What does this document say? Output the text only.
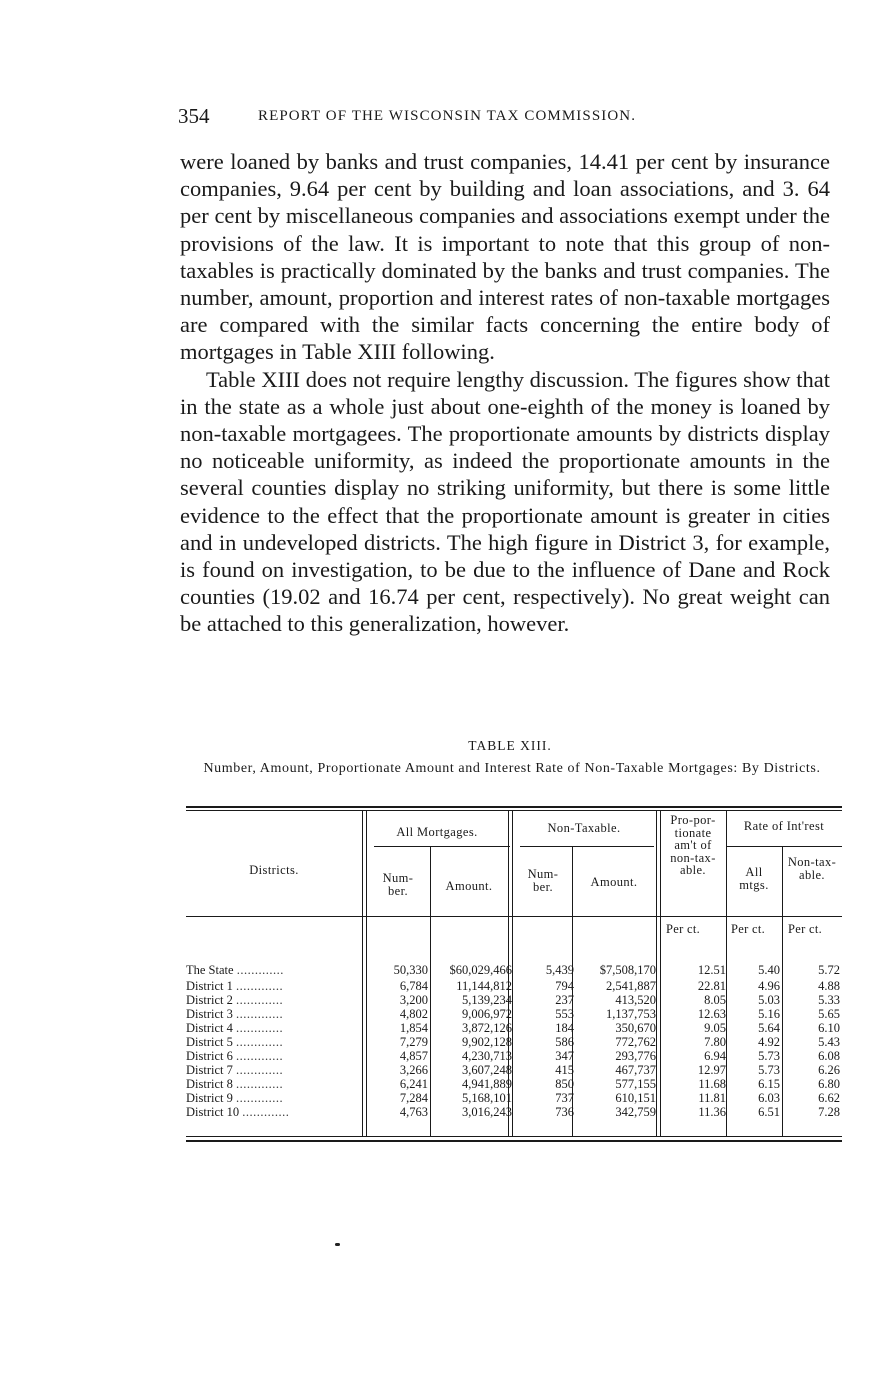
354	REPORT OF THE WISCONSIN TAX COMMISSION.

were loaned by banks and trust companies, 14.41 per cent by insurance companies, 9.64 per cent by building and loan associations, and 3. 64 per cent by miscellaneous companies and associations exempt under the provisions of the law. It is important to note that this group of non-taxables is practically dominated by the banks and trust companies. The number, amount, proportion and interest rates of non-taxable mortgages are compared with the similar facts concerning the entire body of mortgages in Table XIII following.

Table XIII does not require lengthy discussion. The figures show that in the state as a whole just about one-eighth of the money is loaned by non-taxable mortgagees. The proportionate amounts by districts display no noticeable uniformity, as indeed the proportionate amounts in the several counties display no striking uniformity, but there is some little evidence to the effect that the proportionate amount is greater in cities and in undeveloped districts. The high figure in District 3, for example, is found on investigation, to be due to the influence of Dane and Rock counties (19.02 and 16.74 per cent, respectively). No great weight can be attached to this generalization, however.

TABLE XIII.
Number, Amount, Proportionate Amount and Interest Rate of Non-Taxable Mortgages: By Districts.
Districts.
All Mortgages.	Non-Taxable.
Pro-por-tionate am't of non-tax-able.
Rate of Int'rest
Num-ber.	Amount.
Num-ber.	Amount.
All mtgs.
Non-tax-able.
Per ct. Per ct. Per ct.
The State .............	50,330	$60,029,466	5,439	$7,508,170	12.51	5.40	5.72
District 1 .............	6,784	11,144,812	794	2,541,887	22.81	4.96	4.88
District 2 .............	3,200	5,139,234	237	413,520	8.05	5.03	5.33
District 3 .............	4,802	9,006,972	553	1,137,753	12.63	5.16	5.65
District 4 .............	1,854	3,872,126	184	350,670	9.05	5.64	6.10
District 5 .............	7,279	9,902,128	586	772,762	7.80	4.92	5.43
District 6 .............	4,857	4,230,713	347	293,776	6.94	5.73	6.08
District 7 .............	3,266	3,607,248	415	467,737	12.97	5.73	6.26
District 8 .............	6,241	4,941,889	850	577,155	11.68	6.15	6.80
District 9 .............	7,284	5,168,101	737	610,151	11.81	6.03	6.62
District 10 .............	4,763	3,016,243	736	342,759	11.36	6.51	7.28
